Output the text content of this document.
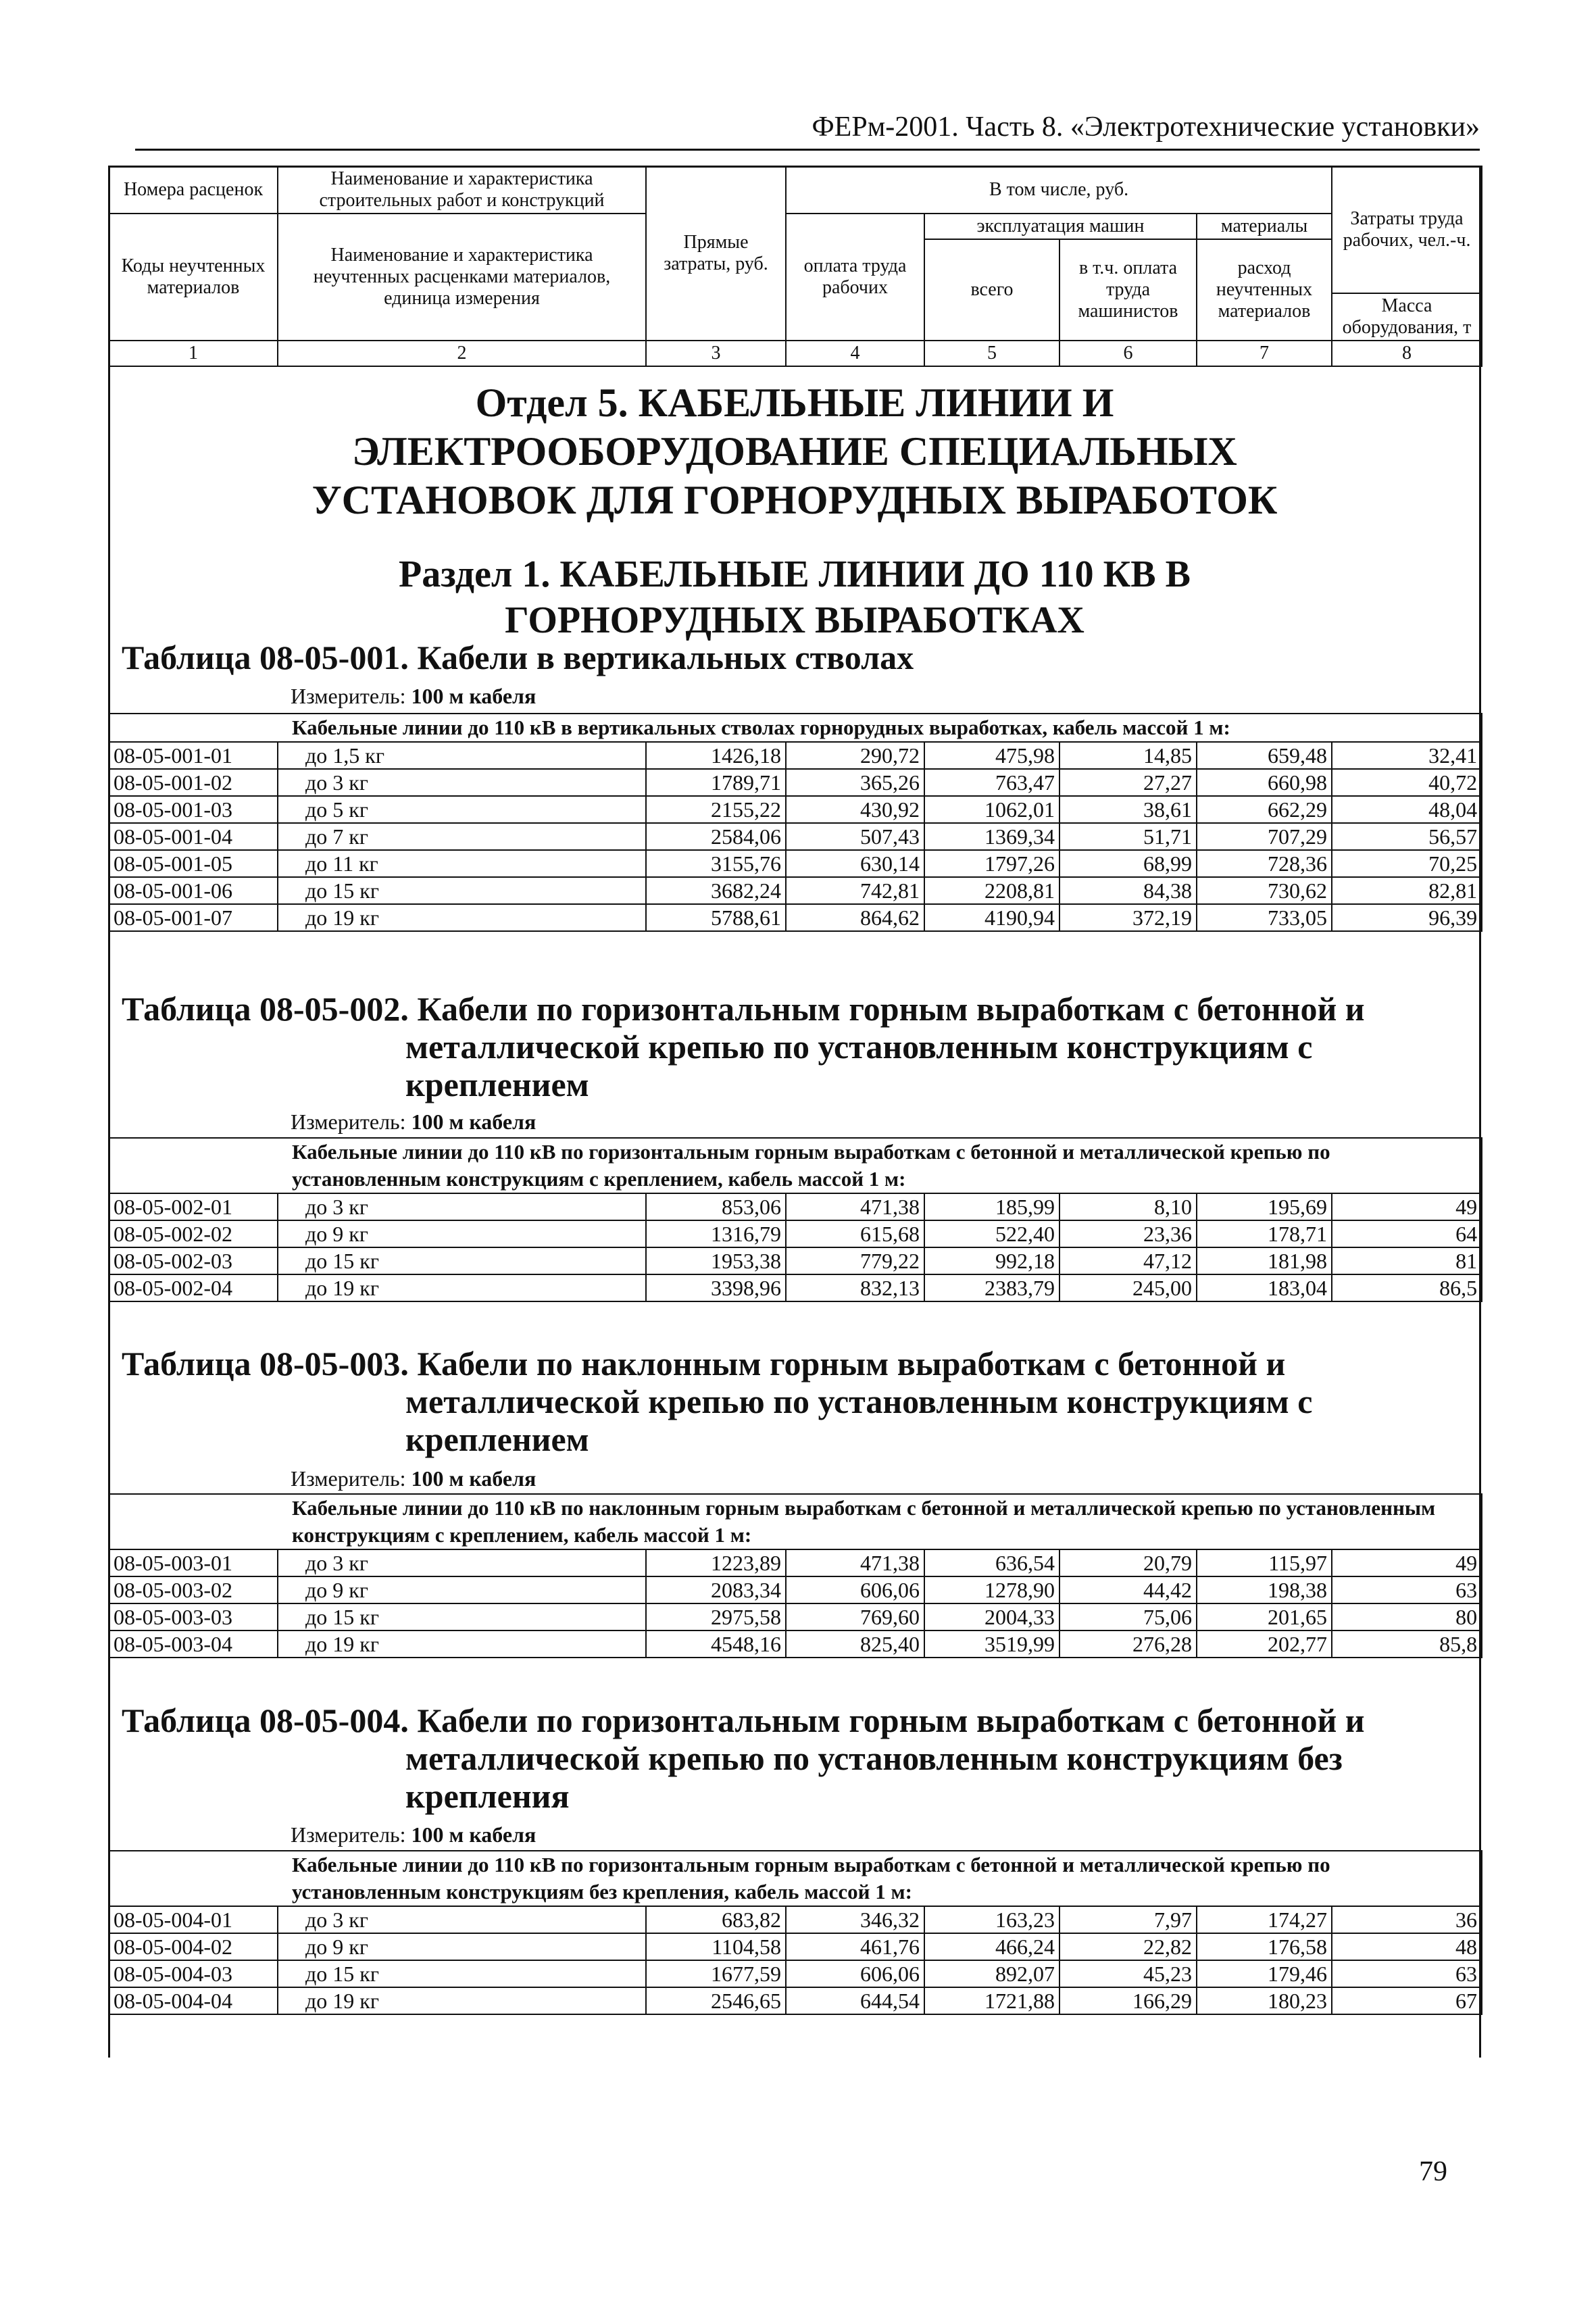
ФЕРм-2001. Часть 8. «Электротехнические установки»
Номера расценок	Наименование и характеристика строительных работ и конструкций	Прямые затраты, руб.	В том числе, руб.				Затраты труда рабочих, чел.-ч.
Коды неучтенных материалов	Наименование и характеристика неучтенных расценками материалов, единица измерения		оплата труда рабочих	эксплуатация машин		материалы	
				всего	в т.ч. оплата труда машинистов	расход неучтенных материалов	
							Масса оборудования, т
1	2	3	4	5	6	7	8
Отдел 5. КАБЕЛЬНЫЕ ЛИНИИ И ЭЛЕКТРООБОРУДОВАНИЕ СПЕЦИАЛЬНЫХ УСТАНОВОК ДЛЯ ГОРНОРУДНЫХ ВЫРАБОТОК
Раздел 1. КАБЕЛЬНЫЕ ЛИНИИ ДО 110 КВ В ГОРНОРУДНЫХ ВЫРАБОТКАХ
Таблица 08-05-001. Кабели в вертикальных стволах
Измеритель: 100 м кабеля
Кабельные линии до 110 кВ в вертикальных стволах горнорудных выработках, кабель массой 1 м:							
08-05-001-01	до 1,5 кг	1426,18	290,72	475,98	14,85	659,48	32,41
08-05-001-02	до 3 кг	1789,71	365,26	763,47	27,27	660,98	40,72
08-05-001-03	до 5 кг	2155,22	430,92	1062,01	38,61	662,29	48,04
08-05-001-04	до 7 кг	2584,06	507,43	1369,34	51,71	707,29	56,57
08-05-001-05	до 11 кг	3155,76	630,14	1797,26	68,99	728,36	70,25
08-05-001-06	до 15 кг	3682,24	742,81	2208,81	84,38	730,62	82,81
08-05-001-07	до 19 кг	5788,61	864,62	4190,94	372,19	733,05	96,39
Таблица 08-05-002. Кабели по горизонтальным горным выработкам с бетонной и металлической крепью по установленным конструкциям с креплением
Измеритель: 100 м кабеля
Кабельные линии до 110 кВ по горизонтальным горным выработкам с бетонной и металлической крепью по установленным конструкциям с креплением, кабель массой 1 м:							
08-05-002-01	до 3 кг	853,06	471,38	185,99	8,10	195,69	49
08-05-002-02	до 9 кг	1316,79	615,68	522,40	23,36	178,71	64
08-05-002-03	до 15 кг	1953,38	779,22	992,18	47,12	181,98	81
08-05-002-04	до 19 кг	3398,96	832,13	2383,79	245,00	183,04	86,5
Таблица 08-05-003. Кабели по наклонным горным выработкам с бетонной и металлической крепью по установленным конструкциям с креплением
Измеритель: 100 м кабеля
Кабельные линии до 110 кВ по наклонным горным выработкам с бетонной и металлической крепью по установленным конструкциям с креплением, кабель массой 1 м:							
08-05-003-01	до 3 кг	1223,89	471,38	636,54	20,79	115,97	49
08-05-003-02	до 9 кг	2083,34	606,06	1278,90	44,42	198,38	63
08-05-003-03	до 15 кг	2975,58	769,60	2004,33	75,06	201,65	80
08-05-003-04	до 19 кг	4548,16	825,40	3519,99	276,28	202,77	85,8
Таблица 08-05-004. Кабели по горизонтальным горным выработкам с бетонной и металлической крепью по установленным конструкциям без крепления
Измеритель: 100 м кабеля
Кабельные линии до 110 кВ по горизонтальным горным выработкам с бетонной и металлической крепью по установленным конструкциям без крепления, кабель массой 1 м:							
08-05-004-01	до 3 кг	683,82	346,32	163,23	7,97	174,27	36
08-05-004-02	до 9 кг	1104,58	461,76	466,24	22,82	176,58	48
08-05-004-03	до 15 кг	1677,59	606,06	892,07	45,23	179,46	63
08-05-004-04	до 19 кг	2546,65	644,54	1721,88	166,29	180,23	67
79
